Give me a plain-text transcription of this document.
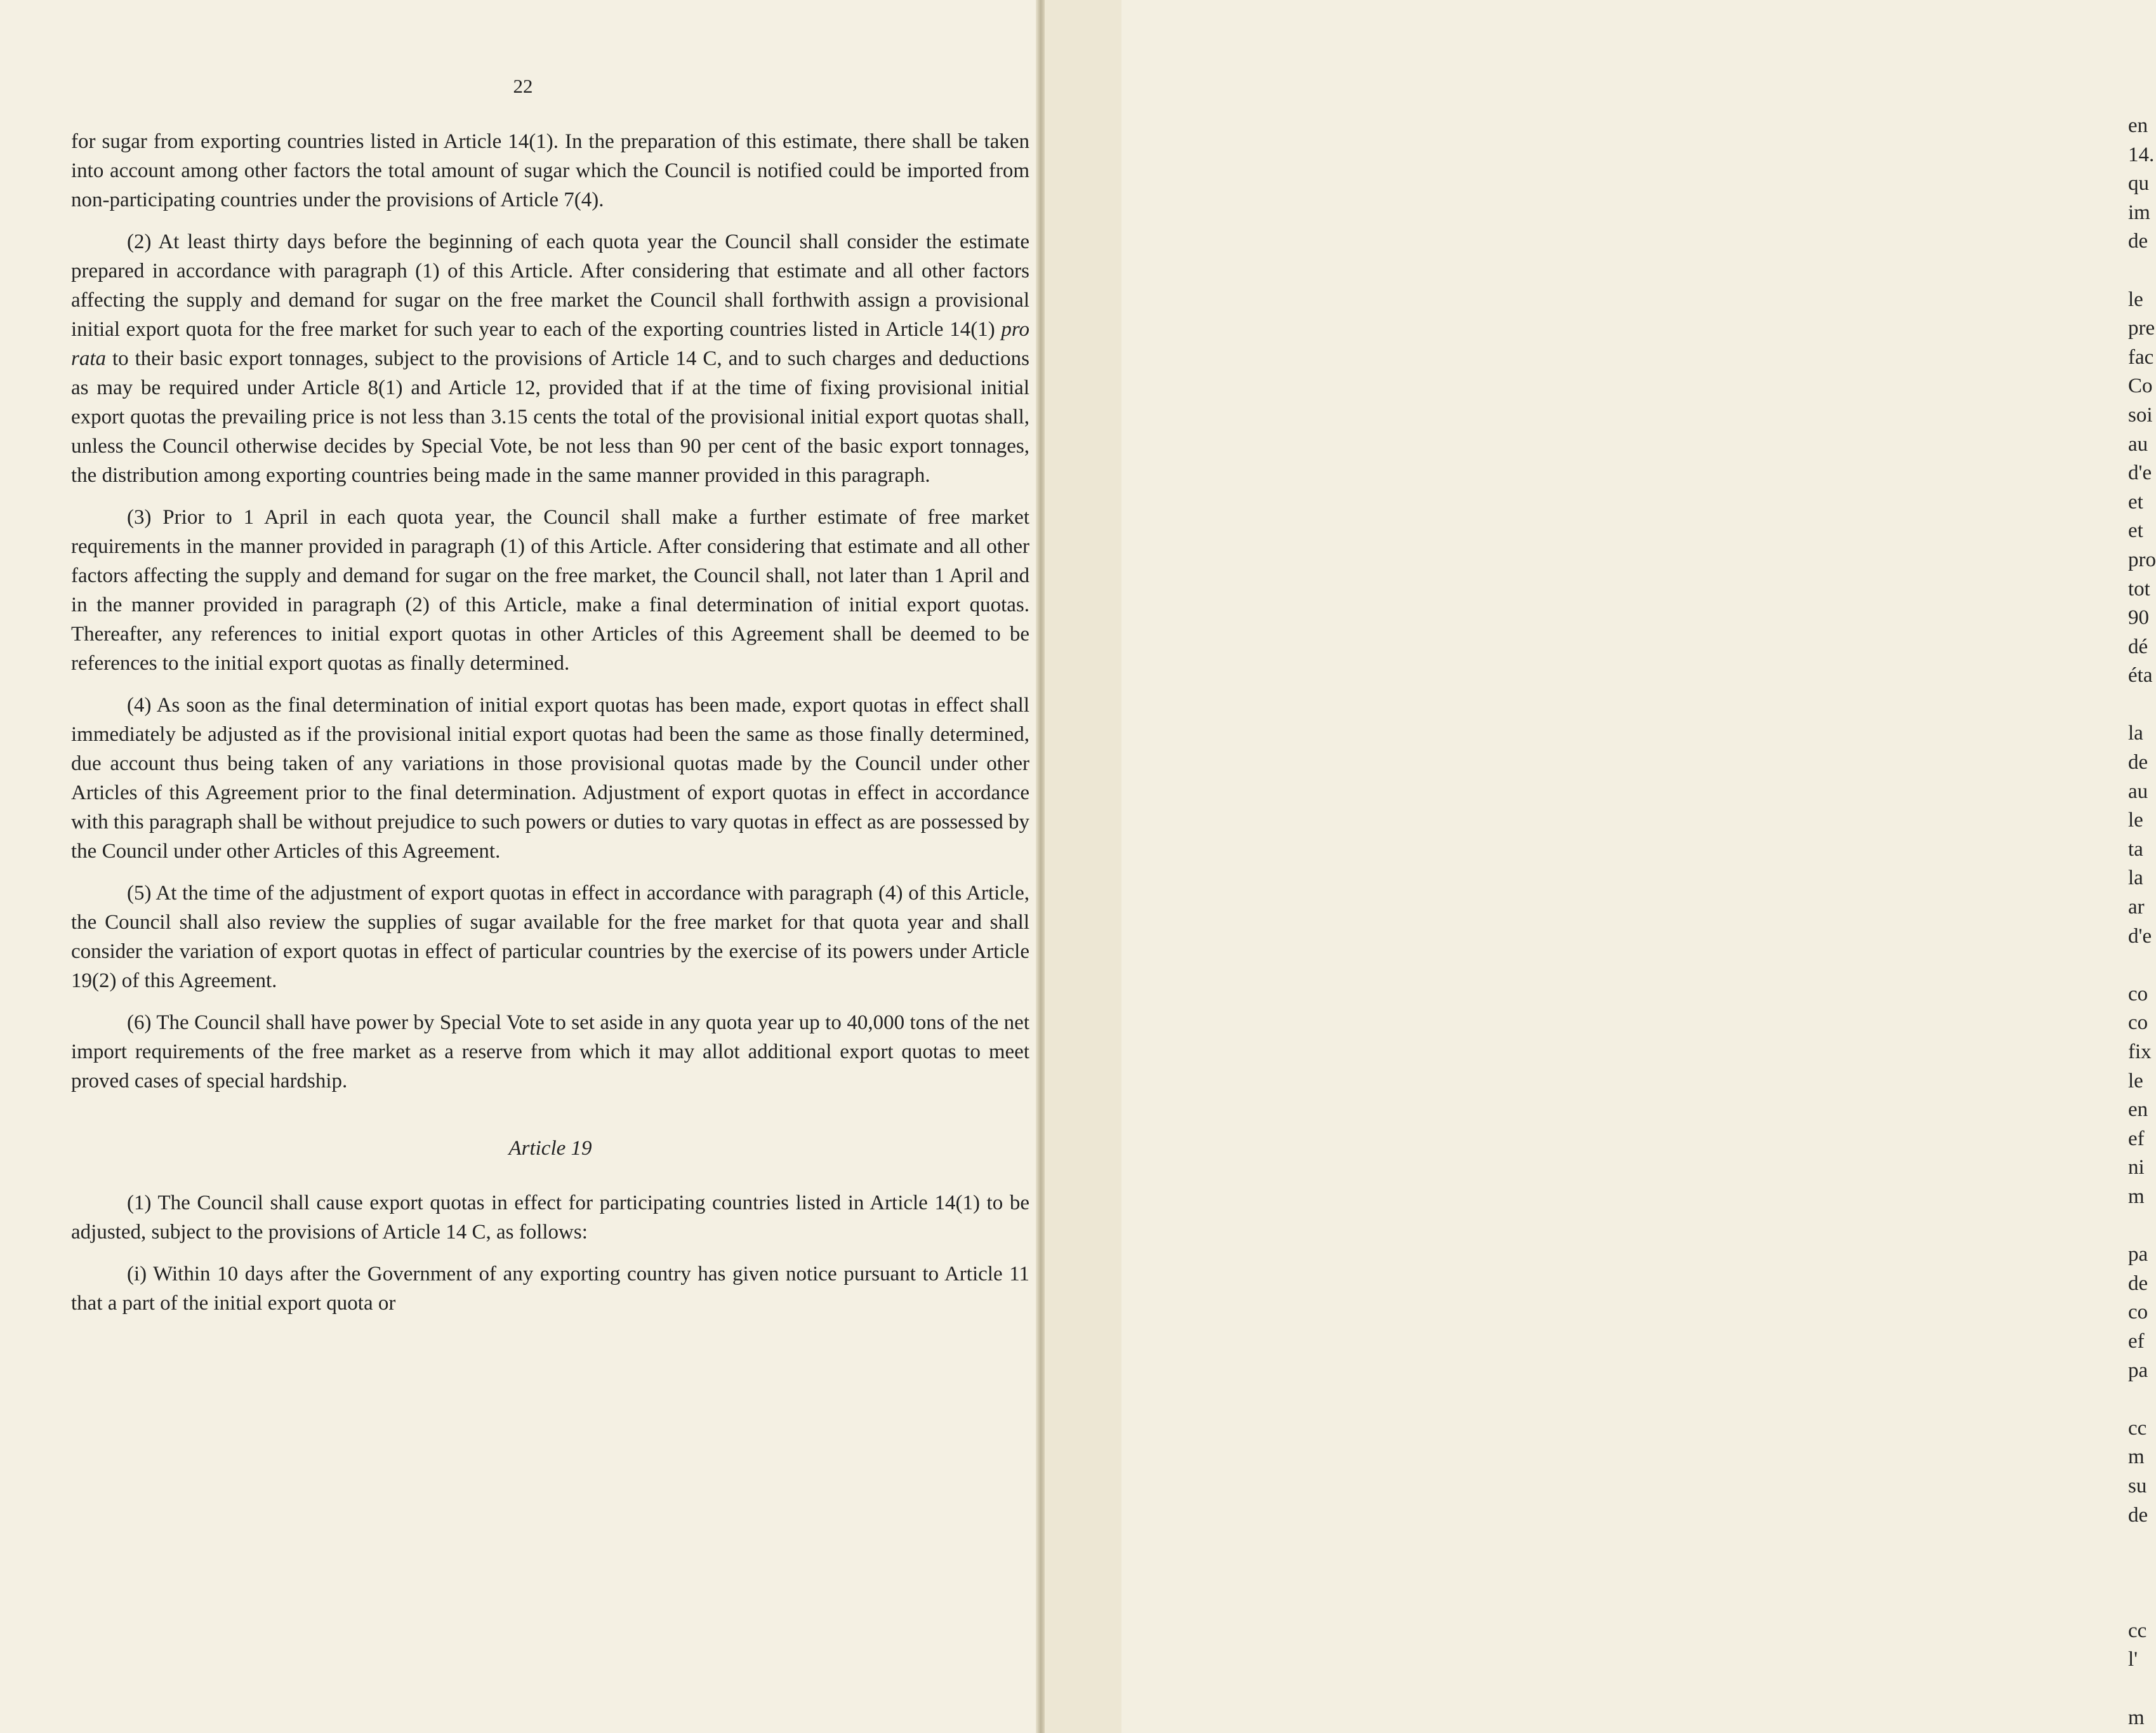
22

for sugar from exporting countries listed in Article 14(1). In the preparation of this estimate, there shall be taken into account among other factors the total amount of sugar which the Council is notified could be imported from non-participating countries under the provisions of Article 7(4).

(2) At least thirty days before the beginning of each quota year the Council shall consider the estimate prepared in accordance with paragraph (1) of this Article. After considering that estimate and all other factors affecting the supply and demand for sugar on the free market the Council shall forthwith assign a provisional initial export quota for the free market for such year to each of the exporting countries listed in Article 14(1) pro rata to their basic export tonnages, subject to the provisions of Article 14 C, and to such charges and deductions as may be required under Article 8(1) and Article 12, provided that if at the time of fixing provisional initial export quotas the prevailing price is not less than 3.15 cents the total of the provisional initial export quotas shall, unless the Council otherwise decides by Special Vote, be not less than 90 per cent of the basic export tonnages, the distribution among exporting countries being made in the same manner provided in this paragraph.

(3) Prior to 1 April in each quota year, the Council shall make a further estimate of free market requirements in the manner provided in paragraph (1) of this Article. After considering that estimate and all other factors affecting the supply and demand for sugar on the free market, the Council shall, not later than 1 April and in the manner provided in paragraph (2) of this Article, make a final determination of initial export quotas. Thereafter, any references to initial export quotas in other Articles of this Agreement shall be deemed to be references to the initial export quotas as finally determined.

(4) As soon as the final determination of initial export quotas has been made, export quotas in effect shall immediately be adjusted as if the provisional initial export quotas had been the same as those finally determined, due account thus being taken of any variations in those provisional quotas made by the Council under other Articles of this Agreement prior to the final determination. Adjustment of export quotas in effect in accordance with this paragraph shall be without prejudice to such powers or duties to vary quotas in effect as are possessed by the Council under other Articles of this Agreement.

(5) At the time of the adjustment of export quotas in effect in accordance with paragraph (4) of this Article, the Council shall also review the supplies of sugar available for the free market for that quota year and shall consider the variation of export quotas in effect of particular countries by the exercise of its powers under Article 19(2) of this Agreement.

(6) The Council shall have power by Special Vote to set aside in any quota year up to 40,000 tons of the net import requirements of the free market as a reserve from which it may allot additional export quotas to meet proved cases of special hardship.

Article 19

(1) The Council shall cause export quotas in effect for participating countries listed in Article 14(1) to be adjusted, subject to the provisions of Article 14 C, as follows:

(i) Within 10 days after the Government of any exporting country has given notice pursuant to Article 11 that a part of the initial export quota or

en
14.
qu
im
de
le
pre
fac
Co
soi
au
d'e
et
et
pro
tot
90
dé
éta
la
de
au
le
ta
la
ar
d'e
co
co
fix
le
en
ef
ni
m
pa
de
co
ef
pa
cc
m
su
de
cc
l'
m
